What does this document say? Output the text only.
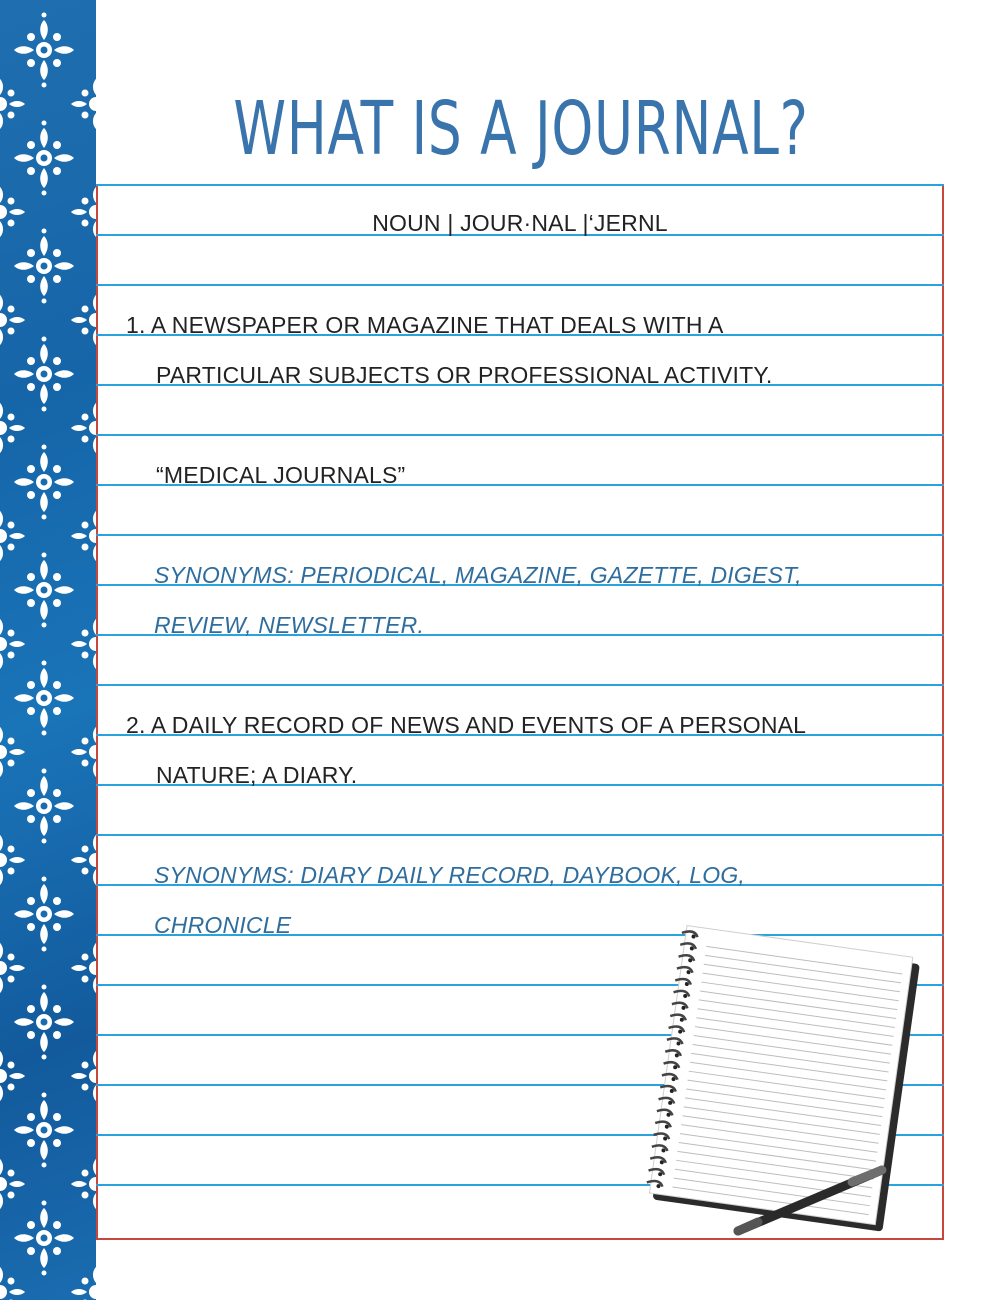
WHAT IS A JOURNAL?
NOUN | JOUR·NAL |‘JERNL
1. A NEWSPAPER OR MAGAZINE THAT DEALS WITH A
PARTICULAR SUBJECTS OR PROFESSIONAL ACTIVITY.
“MEDICAL JOURNALS”
SYNONYMS: PERIODICAL, MAGAZINE, GAZETTE, DIGEST,
REVIEW, NEWSLETTER.
2. A DAILY RECORD OF NEWS AND EVENTS OF A PERSONAL
NATURE; A DIARY.
SYNONYMS: DIARY DAILY RECORD, DAYBOOK, LOG,
CHRONICLE
